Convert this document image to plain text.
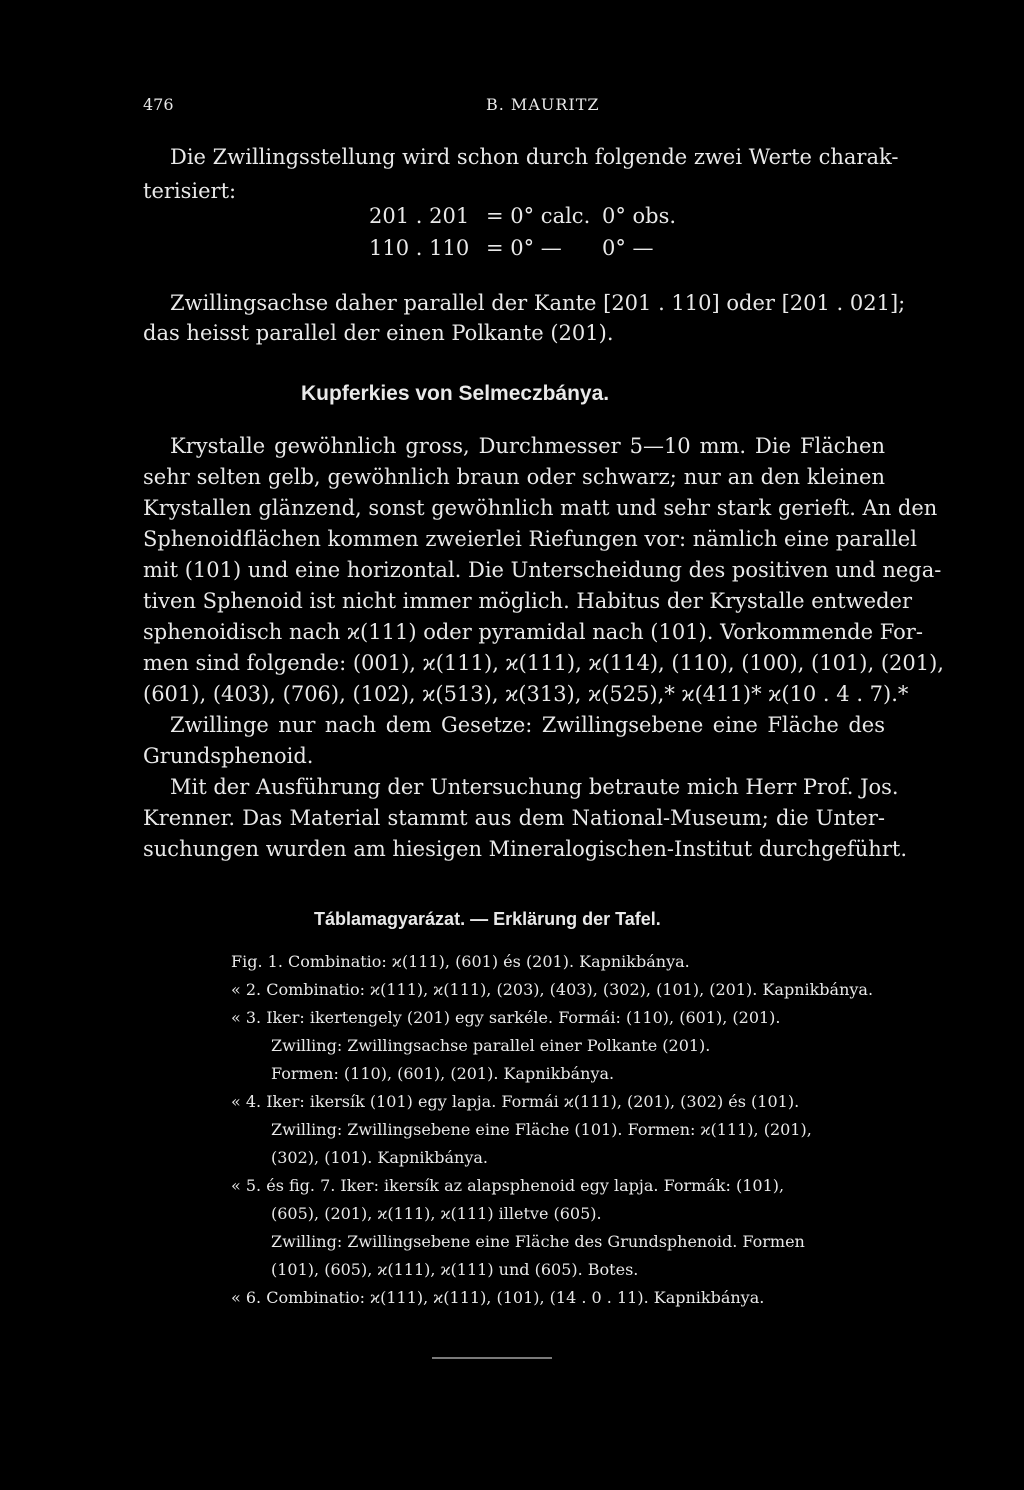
476	B. MAURITZ
Die Zwillingsstellung wird schon durch folgende zwei Werte charak-
terisiert:
201 . 201 = 0° calc. 0° obs.
110 . 110 = 0° — 0° —
Zwillingsachse daher parallel der Kante [201 . 110] oder [201 . 021];
das heisst parallel der einen Polkante (201).
Kupferkies von Selmeczbánya.
Krystalle gewöhnlich gross, Durchmesser 5—10 mm. Die Flächen
sehr selten gelb, gewöhnlich braun oder schwarz; nur an den kleinen
Krystallen glänzend, sonst gewöhnlich matt und sehr stark gerieft. An den
Sphenoidflächen kommen zweierlei Riefungen vor: nämlich eine parallel
mit (101) und eine horizontal. Die Unterscheidung des positiven und nega-
tiven Sphenoid ist nicht immer möglich. Habitus der Krystalle entweder
sphenoidisch nach ϰ(111) oder pyramidal nach (101). Vorkommende For-
men sind folgende: (001), ϰ(111), ϰ(111), ϰ(114), (110), (100), (101), (201),
(601), (403), (706), (102), ϰ(513), ϰ(313), ϰ(525),* ϰ(411)* ϰ(10 . 4 . 7).*
Zwillinge nur nach dem Gesetze: Zwillingsebene eine Fläche des
Grundsphenoid.
Mit der Ausführung der Untersuchung betraute mich Herr Prof. Jos.
Krenner. Das Material stammt aus dem National-Museum; die Unter-
suchungen wurden am hiesigen Mineralogischen-Institut durchgeführt.
Táblamagyarázat. — Erklärung der Tafel.
Fig. 1. Combinatio: ϰ(111), (601) és (201). Kapnikbánya.
« 2. Combinatio: ϰ(111), ϰ(111), (203), (403), (302), (101), (201). Kapnikbánya.
« 3. Iker: ikertengely (201) egy sarkéle. Formái: (110), (601), (201).
Zwilling: Zwillingsachse parallel einer Polkante (201).
Formen: (110), (601), (201). Kapnikbánya.
« 4. Iker: ikersík (101) egy lapja. Formái ϰ(111), (201), (302) és (101).
Zwilling: Zwillingsebene eine Fläche (101). Formen: ϰ(111), (201),
(302), (101). Kapnikbánya.
« 5. és fig. 7. Iker: ikersík az alapsphenoid egy lapja. Formák: (101),
(605), (201), ϰ(111), ϰ(111) illetve (605).
Zwilling: Zwillingsebene eine Fläche des Grundsphenoid. Formen
(101), (605), ϰ(111), ϰ(111) und (605). Botes.
« 6. Combinatio: ϰ(111), ϰ(111), (101), (14 . 0 . 11). Kapnikbánya.
